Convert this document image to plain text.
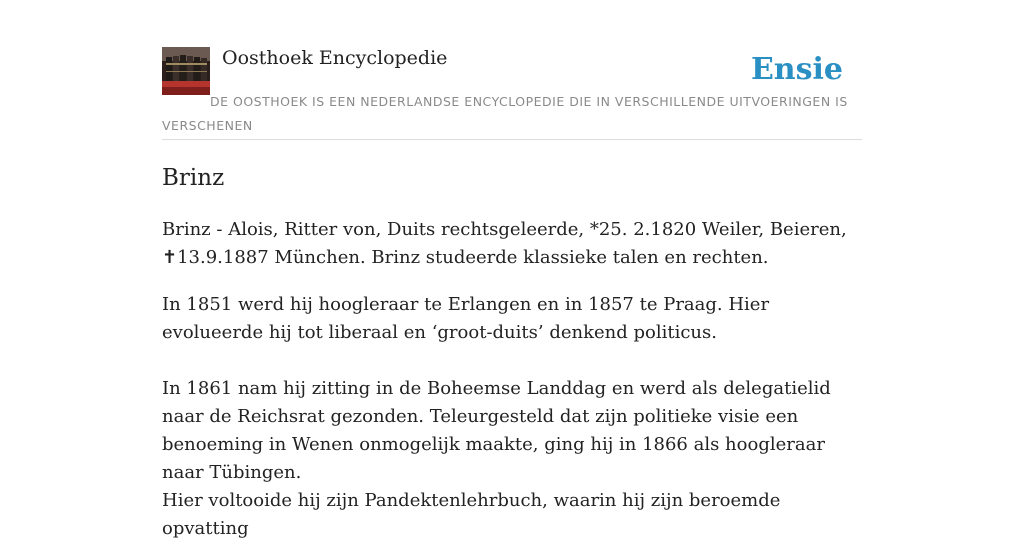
Oosthoek Encyclopedie	Ensie
DE OOSTHOEK IS EEN NEDERLANDSE ENCYCLOPEDIE DIE IN VERSCHILLENDE UITVOERINGEN IS VERSCHENEN
Brinz

Brinz - Alois, Ritter von, Duits rechtsgeleerde, *25. 2.1820 Weiler, Beieren, ✝13.9.1887 München. Brinz studeerde klassieke talen en rechten.

In 1851 werd hij hoogleraar te Erlangen en in 1857 te Praag. Hier evolueerde hij tot liberaal en ‘groot-duits’ denkend politicus.

In 1861 nam hij zitting in de Boheemse Landdag en werd als delegatielid naar de Reichsrat gezonden. Teleurgesteld dat zijn politieke visie een benoeming in Wenen onmogelijk maakte, ging hij in 1866 als hoogleraar naar Tübingen.

Hier voltooide hij zijn Pandektenlehrbuch, waarin hij zijn beroemde opvatting
